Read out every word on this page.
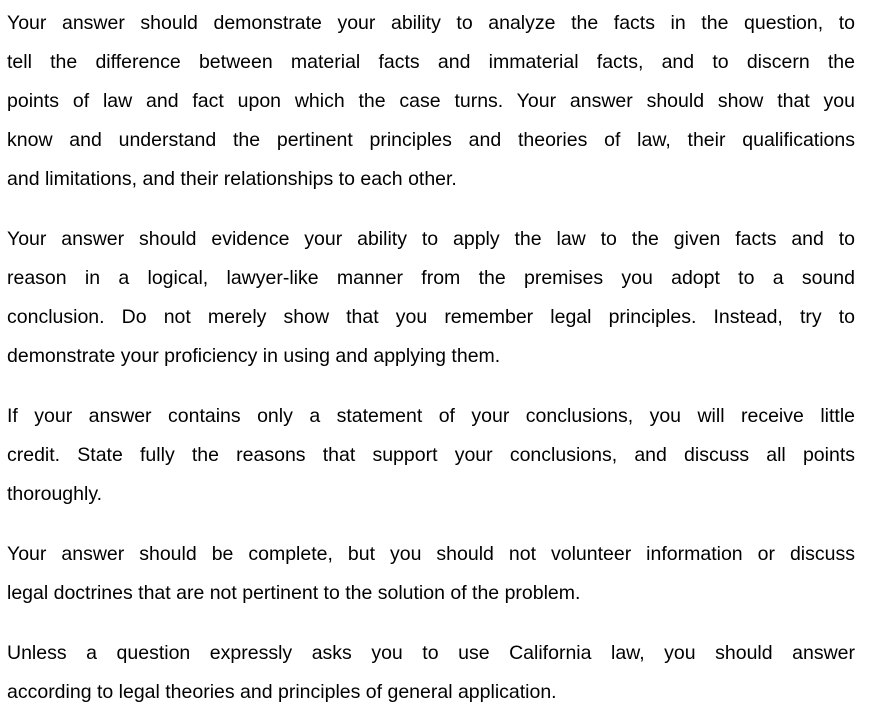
Your answer should demonstrate your ability to analyze the facts in the question, to
tell the difference between material facts and immaterial facts, and to discern the
points of law and fact upon which the case turns. Your answer should show that you
know and understand the pertinent principles and theories of law, their qualifications
and limitations, and their relationships to each other.
Your answer should evidence your ability to apply the law to the given facts and to
reason in a logical, lawyer-like manner from the premises you adopt to a sound
conclusion. Do not merely show that you remember legal principles. Instead, try to
demonstrate your proficiency in using and applying them.
If your answer contains only a statement of your conclusions, you will receive little
credit. State fully the reasons that support your conclusions, and discuss all points
thoroughly.
Your answer should be complete, but you should not volunteer information or discuss
legal doctrines that are not pertinent to the solution of the problem.
Unless a question expressly asks you to use California law, you should answer
according to legal theories and principles of general application.
